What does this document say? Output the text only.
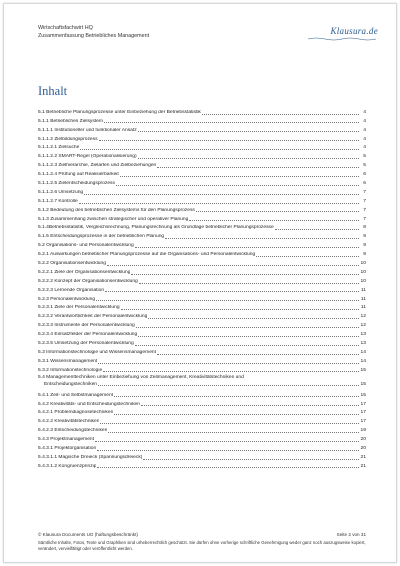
Wirtschaftsfachwirt HQ
Zusammenfassung Betriebliches Management	Klausura.de
Inhalt
5.1 Betriebliche Planungsprozesse unter Einbeziehung der Betriebsstatistik	4
5.1.1 Betriebliches Zielsystem	4
5.1.1.1 Institutioneller und funktionaler Ansatz	4
5.1.1.2 Zielbildungsprozess	4
5.1.1.2.1 Zielsuche	4
5.1.1.2.2 SMART-Regel (Operationalisierung)	5
5.1.1.2.3 Zielhierarchie, Zielarten und Zielbeziehungen	5
5.1.1.2.4 Prüfung auf Realisierbarkeit	6
5.1.1.2.5 Zielentscheidungsprozess	6
5.1.1.2.6 Umsetzung	7
5.1.1.2.7 Kontrolle	7
5.1.2 Bedeutung des betrieblichen Zielsystems für den Planungsprozess	7
5.1.3 Zusammenhang zwischen strategischer und operativer Planung	7
5.1.4Betriebsstatistik, Vergleichsrechnung, Planungsrechnung als Grundlage betrieblicher Planungsprozesse	8
5.1.5 Entscheidungsprozesse in der betrieblichen Planung	9
5.2 Organisations- und Personalentwicklung	9
5.2.1 Auswirkungen betrieblicher Planungsprozesse auf die Organisations- und Personalentwicklung	9
5.2.2 Organisationsentwicklung	10
5.2.2.1 Ziele der Organisationsentwicklung	10
5.2.2.2 Konzept der Organisationsentwicklung	10
5.2.2.3 Lernende Organisation	11
5.2.3 Personalentwicklung	11
5.2.3.1 Ziele der Personalentwicklung	11
5.2.3.2 Verantwortlichkeit der Personalentwicklung	12
5.2.3.3 Instrumente der Personalentwicklung	12
5.2.3.4 Einsatzfelder der Personalentwicklung	13
5.2.3.5 Umsetzung der Personalentwicklung	13
5.3 Informationstechnologie und Wissensmanagement	14
5.3.1 Wissensmanagement	14
5.3.2 Informationstechnologie	15
5.4 Managementtechniken unter Einbeziehung von Zeitmanagement, Kreativitätstechniken und
Entscheidungstechniken	15
5.4.1 Zeit- und Selbstmanagement	15
5.4.2 Kreativitäts- und Entscheidungstechniken	17
5.4.2.1 Problemdiagnosetechniken	17
5.4.2.2 Kreativitätstechniken	17
5.4.2.3 Entscheidungstechniken	19
5.4.3 Projektmanagement	20
5.4.3.1 Projektorganisation	20
5.4.3.1.1 Magische Dreieck (Spannungsdreieck)	21
5.4.3.1.2 Kongruenzprinzip	21
© Klausura Documents UG (haftungsbeschränkt)	Seite 2 von 31
Sämtliche Inhalte, Fotos, Texte und Graphiken sind urheberrechtlich geschützt. Sie dürfen ohne vorherige schriftliche Genehmigung weder ganz noch auszugsweise kopiert, verändert, vervielfältigt oder veröffentlicht werden.
